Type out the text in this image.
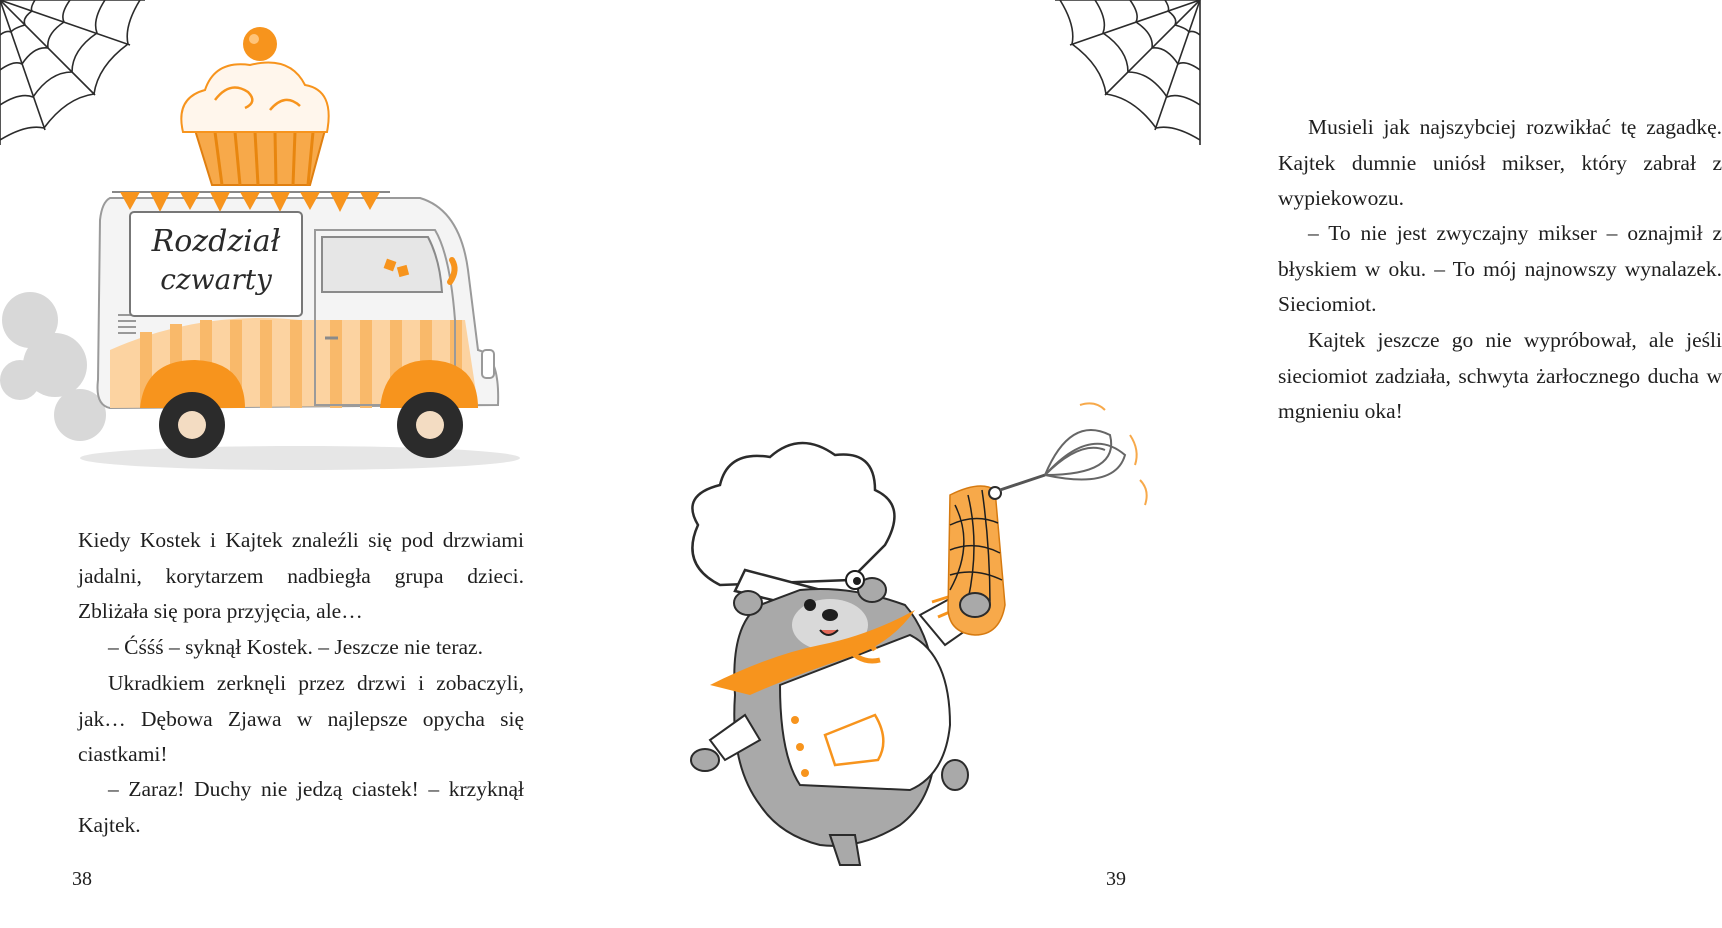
Rozdział
czwarty

Kiedy Kostek i Kajtek znaleźli się pod drzwiami jadalni, korytarzem nadbiegła grupa dzieci. Zbliżała się pora przyjęcia, ale…

– Ćśśś – syknął Kostek. – Jeszcze nie teraz.

Ukradkiem zerknęli przez drzwi i zobaczyli, jak… Dębowa Zjawa w najlepsze opycha się ciastkami!

– Zaraz! Duchy nie jedzą ciastek! – krzyknął Kajtek.

38

Musieli jak najszybciej rozwikłać tę zagadkę. Kajtek dumnie uniósł mikser, który zabrał z wypiekowozu.

– To nie jest zwyczajny mikser – oznajmił z błyskiem w oku. – To mój najnowszy wynalazek. Sieciomiot.

Kajtek jeszcze go nie wypróbował, ale jeśli sieciomiot zadziała, schwyta żarłocznego ducha w mgnieniu oka!

39
